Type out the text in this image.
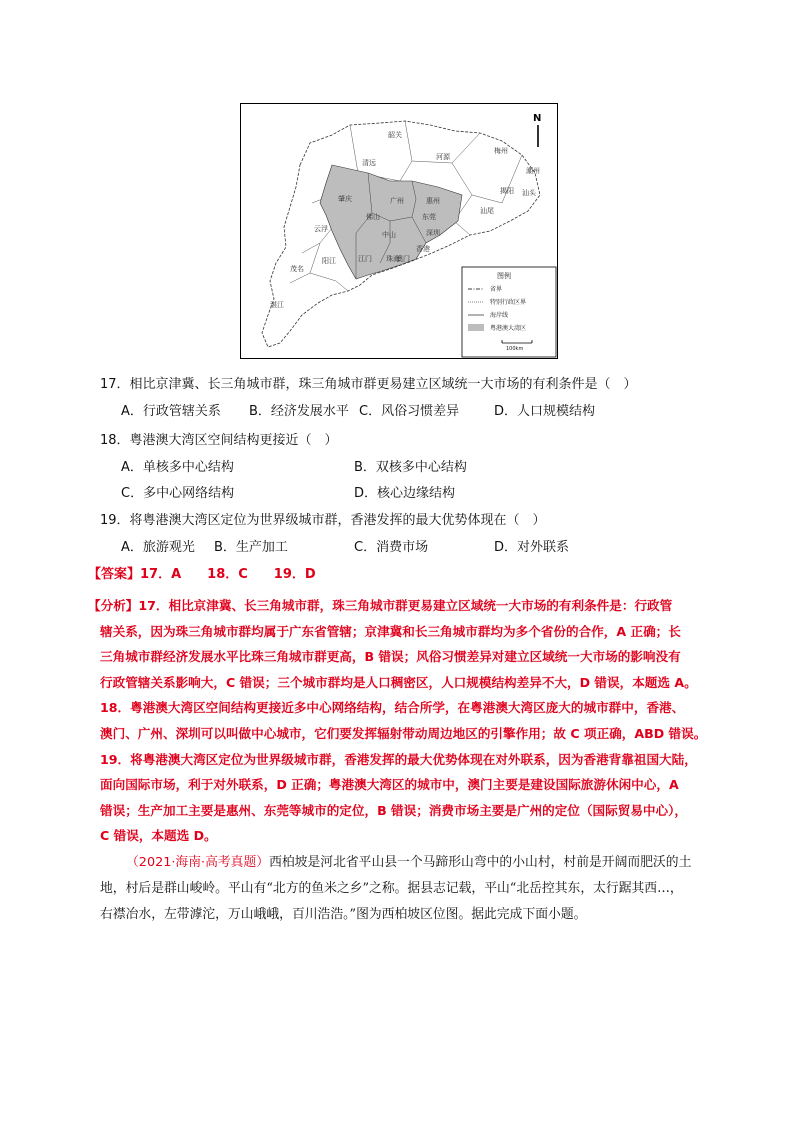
N
韶关
清远
河源
梅州
潮州
揭阳 汕头
汕尾
肇庆	广州	惠州
佛山	东莞
深圳
中山
香港
澳门
江门 珠海
云浮
阳江
茂名
湛江
图例
省界
特别行政区界
海岸线
粤港澳大湾区
100km
17．相比京津冀、长三角城市群，珠三角城市群更易建立区域统一大市场的有利条件是（　）
A．行政管辖关系 B．经济发展水平 C．风俗习惯差异	D．人口规模结构
18．粤港澳大湾区空间结构更接近（　）
A．单核多中心结构	B．双核多中心结构
C．多中心网络结构	D．核心边缘结构
19．将粤港澳大湾区定位为世界级城市群，香港发挥的最大优势体现在（　）
A．旅游观光 B．生产加工	C．消费市场	D．对外联系
【答案】17．A　　18．C　　19．D
【分析】17．相比京津冀、长三角城市群，珠三角城市群更易建立区域统一大市场的有利条件是：行政管
辖关系，因为珠三角城市群均属于广东省管辖；京津冀和长三角城市群均为多个省份的合作，A 正确；长
三角城市群经济发展水平比珠三角城市群更高，B 错误；风俗习惯差异对建立区域统一大市场的影响没有
行政管辖关系影响大，C 错误；三个城市群均是人口稠密区，人口规模结构差异不大，D 错误，本题选 A。
18．粤港澳大湾区空间结构更接近多中心网络结构，结合所学，在粤港澳大湾区庞大的城市群中，香港、
澳门、广州、深圳可以叫做中心城市，它们要发挥辐射带动周边地区的引擎作用；故 C 项正确，ABD 错误。
19．将粤港澳大湾区定位为世界级城市群，香港发挥的最大优势体现在对外联系，因为香港背靠祖国大陆，
面向国际市场，利于对外联系，D 正确；粤港澳大湾区的城市中，澳门主要是建设国际旅游休闲中心，A
错误；生产加工主要是惠州、东莞等城市的定位，B 错误；消费市场主要是广州的定位（国际贸易中心），
C 错误，本题选 D。
（2021·海南·高考真题）西柏坡是河北省平山县一个马蹄形山弯中的小山村，村前是开阔而肥沃的土
地，村后是群山峻岭。平山有“北方的鱼米之乡”之称。据县志记载，平山“北岳控其东，太行踞其西…，
右襟冶水，左带滹沱，万山峨峨，百川浩浩。”图为西柏坡区位图。据此完成下面小题。
